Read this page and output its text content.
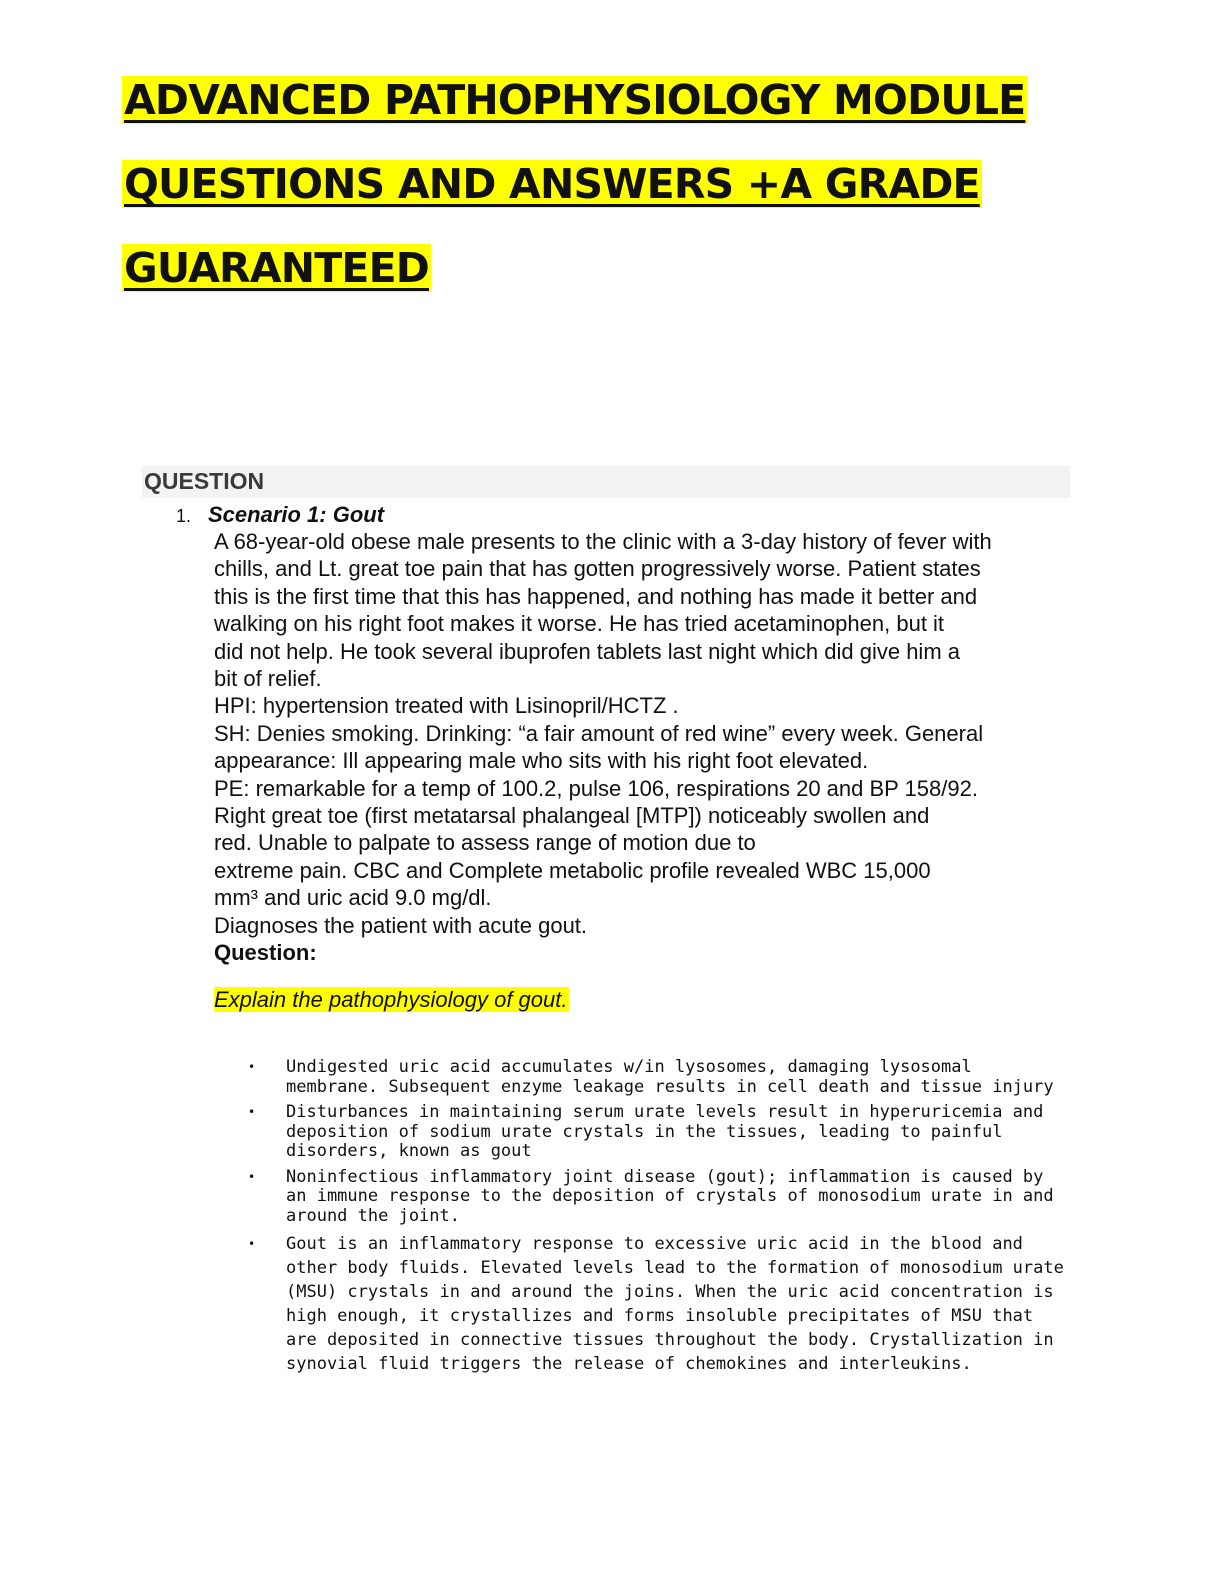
ADVANCED PATHOPHYSIOLOGY MODULE
QUESTIONS AND ANSWERS +A GRADE
GUARANTEED
QUESTION
1. Scenario 1: Gout

A 68-year-old obese male presents to the clinic with a 3-day history of fever with

chills, and Lt. great toe pain that has gotten progressively worse. Patient states

this is the first time that this has happened, and nothing has made it better and

walking on his right foot makes it worse. He has tried acetaminophen, but it

did not help. He took several ibuprofen tablets last night which did give him a

bit of relief.

HPI: hypertension treated with Lisinopril/HCTZ .

SH: Denies smoking. Drinking: “a fair amount of red wine” every week. General

appearance: Ill appearing male who sits with his right foot elevated.

PE: remarkable for a temp of 100.2, pulse 106, respirations 20 and BP 158/92.

Right great toe (first metatarsal phalangeal [MTP]) noticeably swollen and

red. Unable to palpate to assess range of motion due to

extreme pain. CBC and Complete metabolic profile revealed WBC 15,000

mm³ and uric acid 9.0 mg/dl.

Diagnoses the patient with acute gout.

Question:

Explain the pathophysiology of gout.
• Undigested uric acid accumulates w/in lysosomes, damaging lysosomal membrane. Subsequent enzyme leakage results in cell death and tissue injury
• Disturbances in maintaining serum urate levels result in hyperuricemia and deposition of sodium urate crystals in the tissues, leading to painful disorders, known as gout
• Noninfectious inflammatory joint disease (gout); inflammation is caused by an immune response to the deposition of crystals of monosodium urate in and around the joint.
• Gout is an inflammatory response to excessive uric acid in the blood and other body fluids. Elevated levels lead to the formation of monosodium urate (MSU) crystals in and around the joins. When the uric acid concentration is high enough, it crystallizes and forms insoluble precipitates of MSU that are deposited in connective tissues throughout the body. Crystallization in synovial fluid triggers the release of chemokines and interleukins.
